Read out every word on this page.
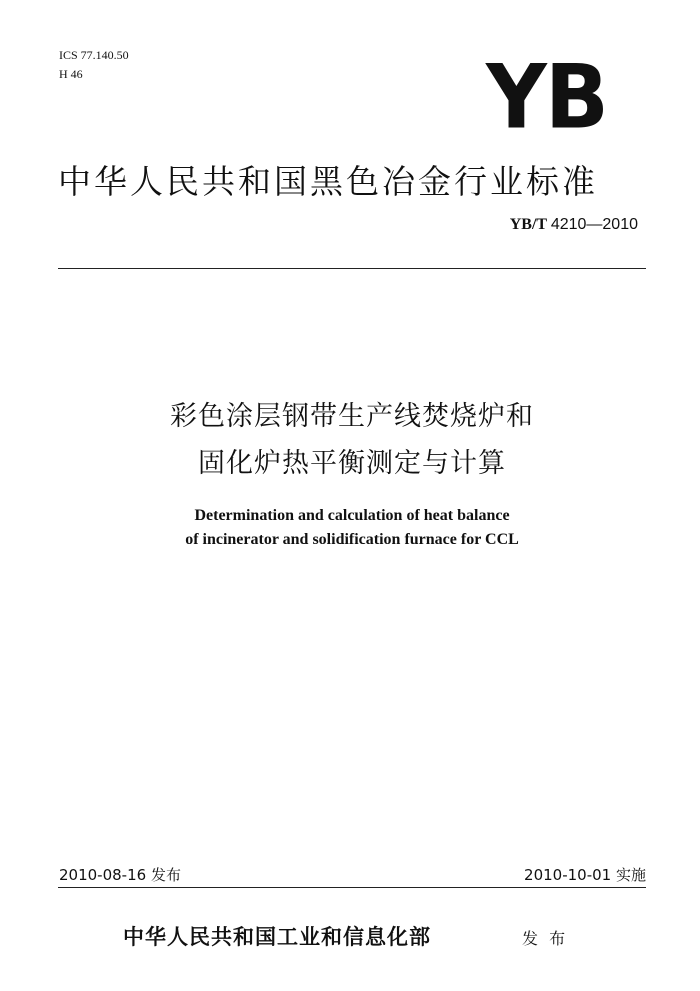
ICS 77.140.50
H 46	YB
中华人民共和国黑色冶金行业标准
YB/T 4210—2010
彩色涂层钢带生产线焚烧炉和
固化炉热平衡测定与计算
Determination and calculation of heat balance
of incinerator and solidification furnace for CCL
2010-08-16 发布	2010-10-01 实施
中华人民共和国工业和信息化部	发 布
